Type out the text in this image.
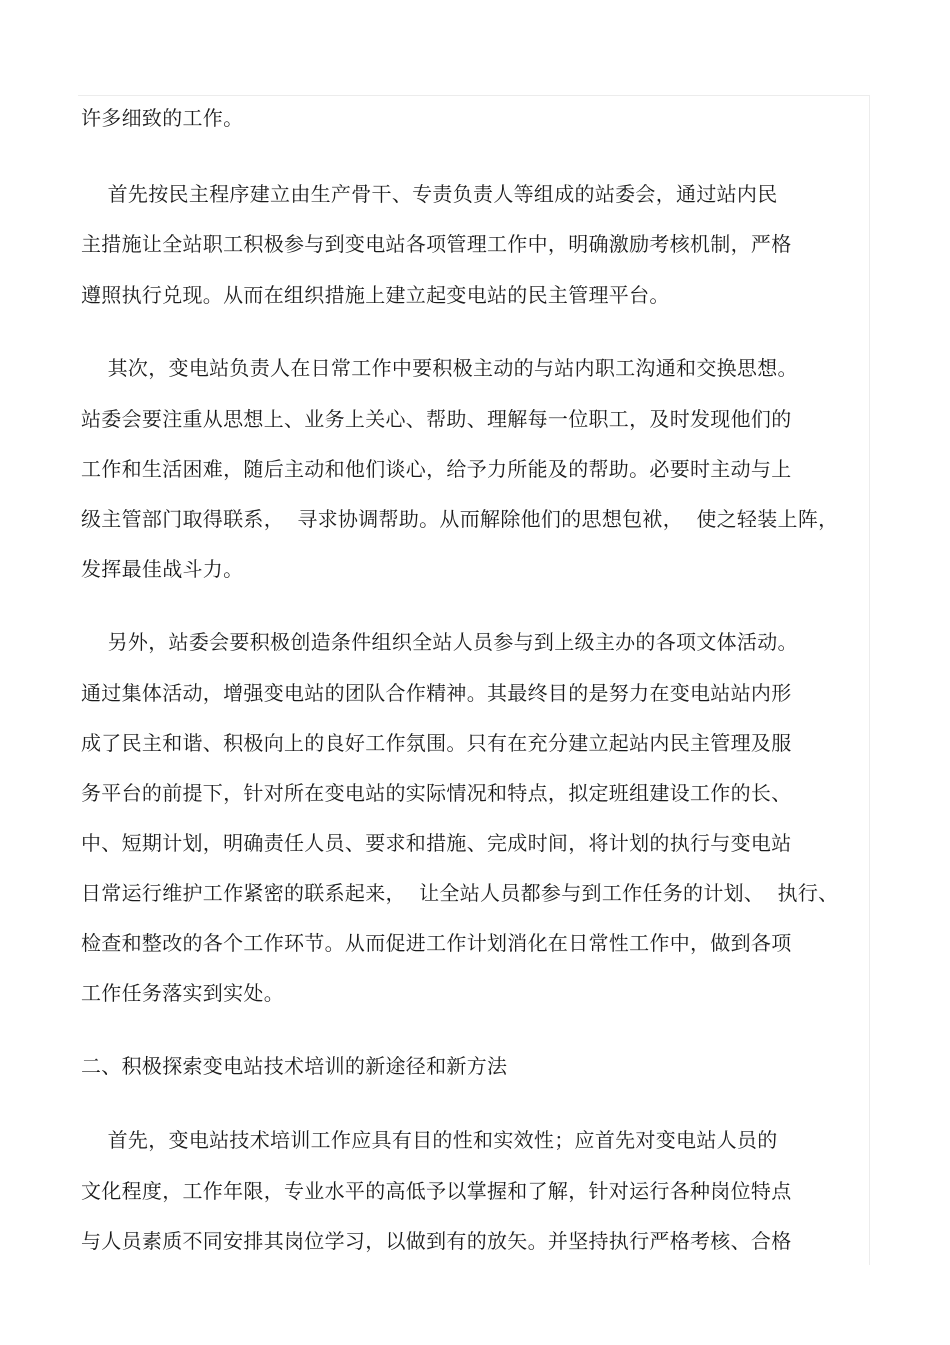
许多细致的工作。
首先按民主程序建立由生产骨干、专责负责人等组成的站委会，通过站内民
主措施让全站职工积极参与到变电站各项管理工作中，明确激励考核机制，严格
遵照执行兑现。从而在组织措施上建立起变电站的民主管理平台。
其次，变电站负责人在日常工作中要积极主动的与站内职工沟通和交换思想。
站委会要注重从思想上、业务上关心、帮助、理解每一位职工，及时发现他们的
工作和生活困难，随后主动和他们谈心，给予力所能及的帮助。必要时主动与上
级主管部门取得联系，  寻求协调帮助。从而解除他们的思想包袱，  使之轻装上阵，
发挥最佳战斗力。
另外，站委会要积极创造条件组织全站人员参与到上级主办的各项文体活动。
通过集体活动，增强变电站的团队合作精神。其最终目的是努力在变电站站内形
成了民主和谐、积极向上的良好工作氛围。只有在充分建立起站内民主管理及服
务平台的前提下，针对所在变电站的实际情况和特点，拟定班组建设工作的长、
中、短期计划，明确责任人员、要求和措施、完成时间，将计划的执行与变电站
日常运行维护工作紧密的联系起来，  让全站人员都参与到工作任务的计划、  执行、
检查和整改的各个工作环节。从而促进工作计划消化在日常性工作中，做到各项
工作任务落实到实处。
二、积极探索变电站技术培训的新途径和新方法
首先，变电站技术培训工作应具有目的性和实效性；应首先对变电站人员的
文化程度，工作年限，专业水平的高低予以掌握和了解，针对运行各种岗位特点
与人员素质不同安排其岗位学习，以做到有的放矢。并坚持执行严格考核、合格
